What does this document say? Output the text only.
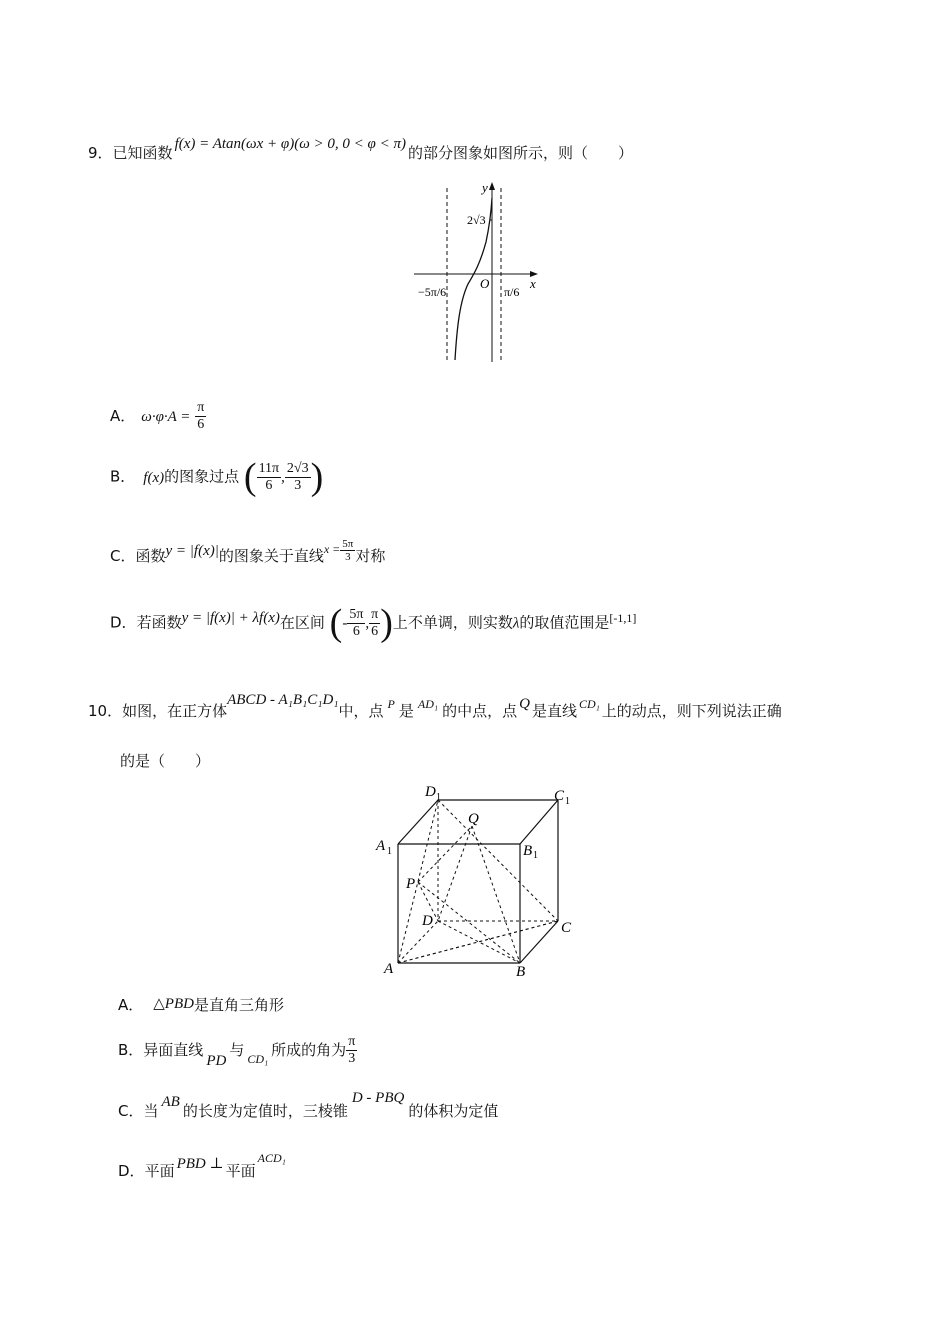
9．已知函数 f(x) = Atan(ωx + φ)(ω > 0, 0 < φ < π) 的部分图象如图所示，则（　　）
y
x
O
2√3
−5π/6	π/6
A． $\omega\cdot\varphi\cdot A = \frac{\pi}{6}$
B． f(x)的图象过点 ( $\frac{11\pi}{6}$ , $\frac{2√3}{3}$ )
C．函数y = |f(x)|的图象关于直线$^{x =} \frac{5\pi}{3}$ 对称
D．若函数y = |f(x)| + λf(x)在区间 (- $\frac{5\pi}{6}$ , $\frac{\pi}{6}$ )上不单调，则实数λ的取值范围是[-1,1]
10．如图，在正方体ABCD - A₁B₁C₁D₁中，点 $^P$ 是 $^{AD_1}$ 的中点，点 Q 是直线 $^{CD_1}$ 上的动点，则下列说法正确
的是（　　）
A	B
C
D
A 1	B 1
C 1
D 1
P
Q
A． △PBD是直角三角形
B．异面直线PD与 $_{CD_1}$ 所成的角为 $\frac{\pi}{3}$
C．当 AB 的长度为定值时，三棱锥D - PBQ的体积为定值
D．平面 PBD ⊥ 平面$^{ACD_1}$
